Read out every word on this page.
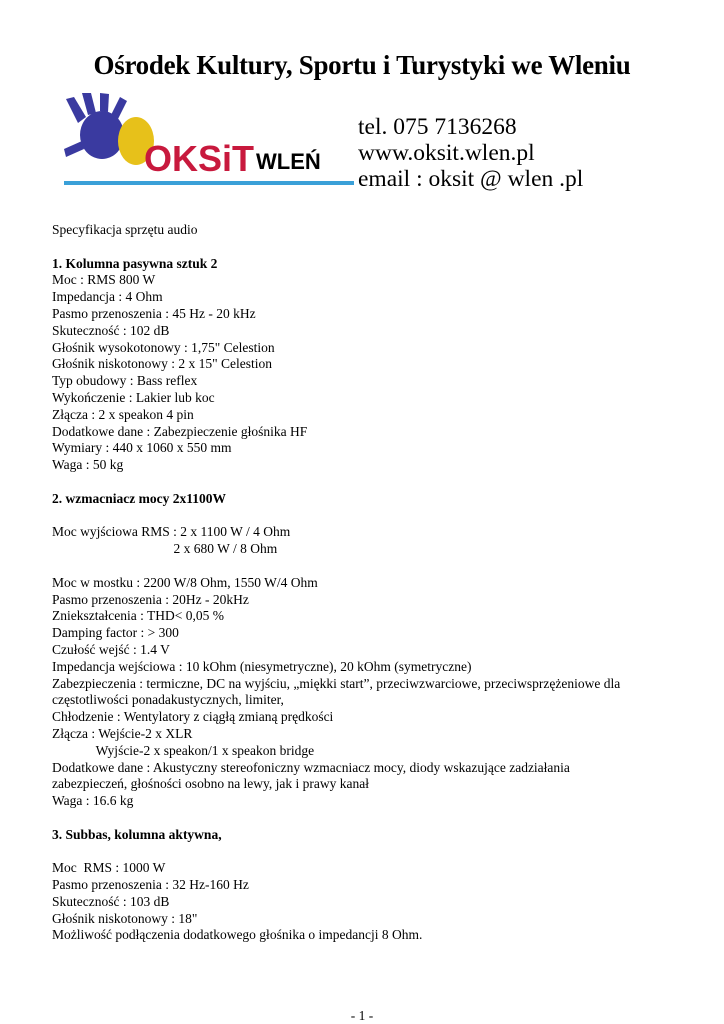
Ośrodek Kultury, Sportu i Turystyki we Wleniu
OKSiT WLEŃ
tel. 075 7136268
www.oksit.wlen.pl
email : oksit @ wlen .pl
Specyfikacja sprzętu audio
1. Kolumna pasywna sztuk 2
Moc : RMS 800 W
Impedancja : 4 Ohm
Pasmo przenoszenia : 45 Hz - 20 kHz
Skuteczność : 102 dB
Głośnik wysokotonowy : 1,75" Celestion
Głośnik niskotonowy : 2 x 15" Celestion
Typ obudowy : Bass reflex
Wykończenie : Lakier lub koc
Złącza : 2 x speakon 4 pin
Dodatkowe dane : Zabezpieczenie głośnika HF
Wymiary : 440 x 1060 x 550 mm
Waga : 50 kg
2. wzmacniacz mocy 2x1100W
Moc wyjściowa RMS : 2 x 1100 W / 4 Ohm
2 x 680 W / 8 Ohm
Moc w mostku : 2200 W/8 Ohm, 1550 W/4 Ohm
Pasmo przenoszenia : 20Hz - 20kHz
Zniekształcenia : THD< 0,05 %
Damping factor : > 300
Czułość wejść : 1.4 V
Impedancja wejściowa : 10 kOhm (niesymetryczne), 20 kOhm (symetryczne)
Zabezpieczenia : termiczne, DC na wyjściu, „miękki start”, przeciwzwarciowe, przeciwsprzężeniowe dla
częstotliwości ponadakustycznych, limiter,
Chłodzenie : Wentylatory z ciągłą zmianą prędkości
Złącza : Wejście-2 x XLR
Wyjście-2 x speakon/1 x speakon bridge
Dodatkowe dane : Akustyczny stereofoniczny wzmacniacz mocy, diody wskazujące zadziałania
zabezpieczeń, głośności osobno na lewy, jak i prawy kanał
Waga : 16.6 kg
3. Subbas, kolumna aktywna,
Moc  RMS : 1000 W
Pasmo przenoszenia : 32 Hz-160 Hz
Skuteczność : 103 dB
Głośnik niskotonowy : 18"
Możliwość podłączenia dodatkowego głośnika o impedancji 8 Ohm.
- 1 -
